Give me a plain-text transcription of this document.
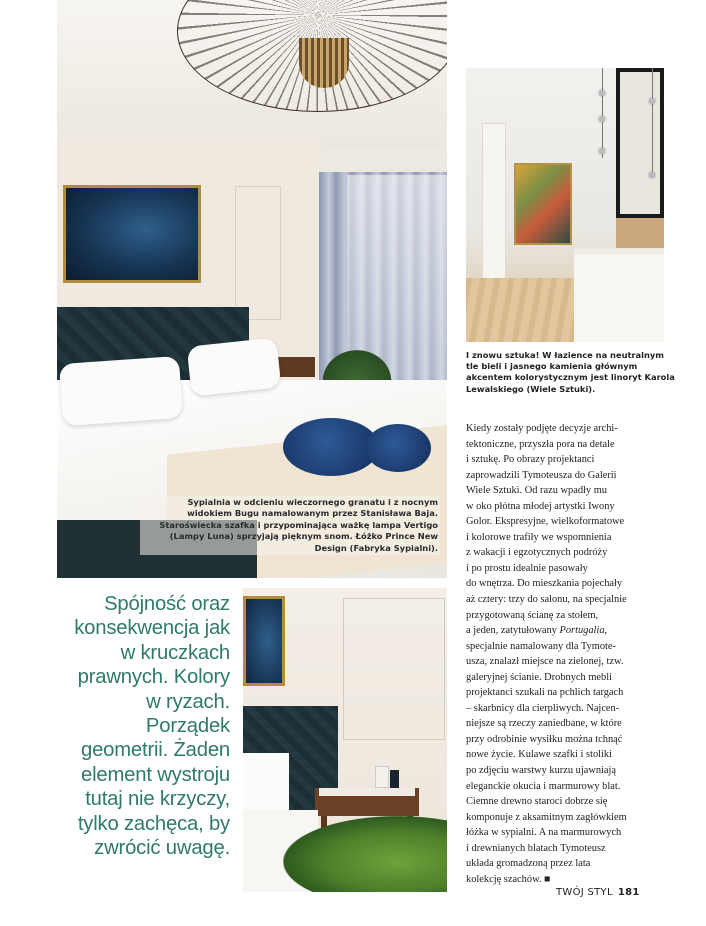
Sypialnia w odcieniu wieczornego granatu i z nocnym widokiem Bugu namalowanym przez Stanisława Baja. Staroświecka szafka i przypominająca ważkę lampa Vertigo (Lampy Luna) sprzyjają pięknym snom. Łóżko Prince New Design (Fabryka Sypialni).
I znowu sztuka! W łazience na neutralnym tle bieli i jasnego kamienia głównym akcentem kolorystycznym jest linoryt Karola Lewalskiego (Wiele Sztuki).

Kiedy zostały podjęte decyzje archi-
tektoniczne, przyszła pora na detale
i sztukę. Po obrazy projektanci
zaprowadzili Tymoteusza do Galerii
Wiele Sztuki. Od razu wpadły mu
w oko płótna młodej artystki Iwony
Golor. Ekspresyjne, wielkoformatowe
i kolorowe trafiły we wspomnienia
z wakacji i egzotycznych podróży
i po prostu idealnie pasowały
do wnętrza. Do mieszkania pojechały
aż cztery: trzy do salonu, na specjalnie
przygotowaną ścianę za stołem,
a jeden, zatytułowany Portugalia,
specjalnie namalowany dla Tymote-
usza, znalazł miejsce na zielonej, tzw.
galeryjnej ścianie. Drobnych mebli
projektanci szukali na pchlich targach
– skarbnicy dla cierpliwych. Najcen-
niejsze są rzeczy zaniedbane, w które
przy odrobinie wysiłku można tchnąć
nowe życie. Kulawe szafki i stoliki
po zdjęciu warstwy kurzu ujawniają
eleganckie okucia i marmurowy blat.
Ciemne drewno staroci dobrze się
komponuje z aksamitnym zagłówkiem
łóżka w sypialni. A na marmurowych
i drewnianych blatach Tymoteusz
układa gromadzoną przez lata
kolekcję szachów. ■

Spójność oraz konsekwencja jak w kruczkach prawnych. Kolory w ryzach. Porządek geometrii. Żaden element wystroju tutaj nie krzyczy, tylko zachęca, by zwrócić uwagę.
TWÓJ STYL 181
